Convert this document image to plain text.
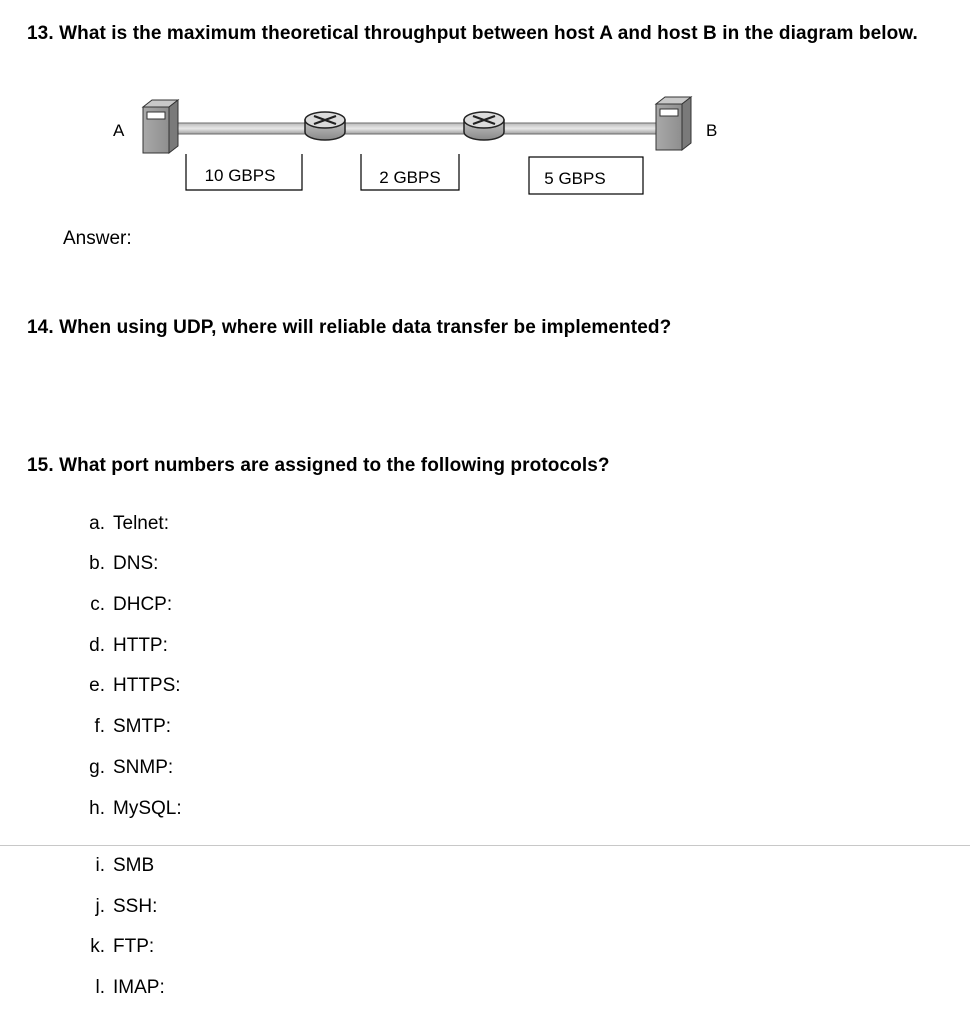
13. What is the maximum theoretical throughput between host A and host B in the diagram below.
A	B
10 GBPS	2 GBPS	5 GBPS
Answer:
14. When using UDP, where will reliable data transfer be implemented?
15. What port numbers are assigned to the following protocols?
a. Telnet:
b. DNS:
c. DHCP:
d. HTTP:
e. HTTPS:
f. SMTP:
g. SNMP:
h. MySQL:
i. SMB
j. SSH:
k. FTP:
l. IMAP:
